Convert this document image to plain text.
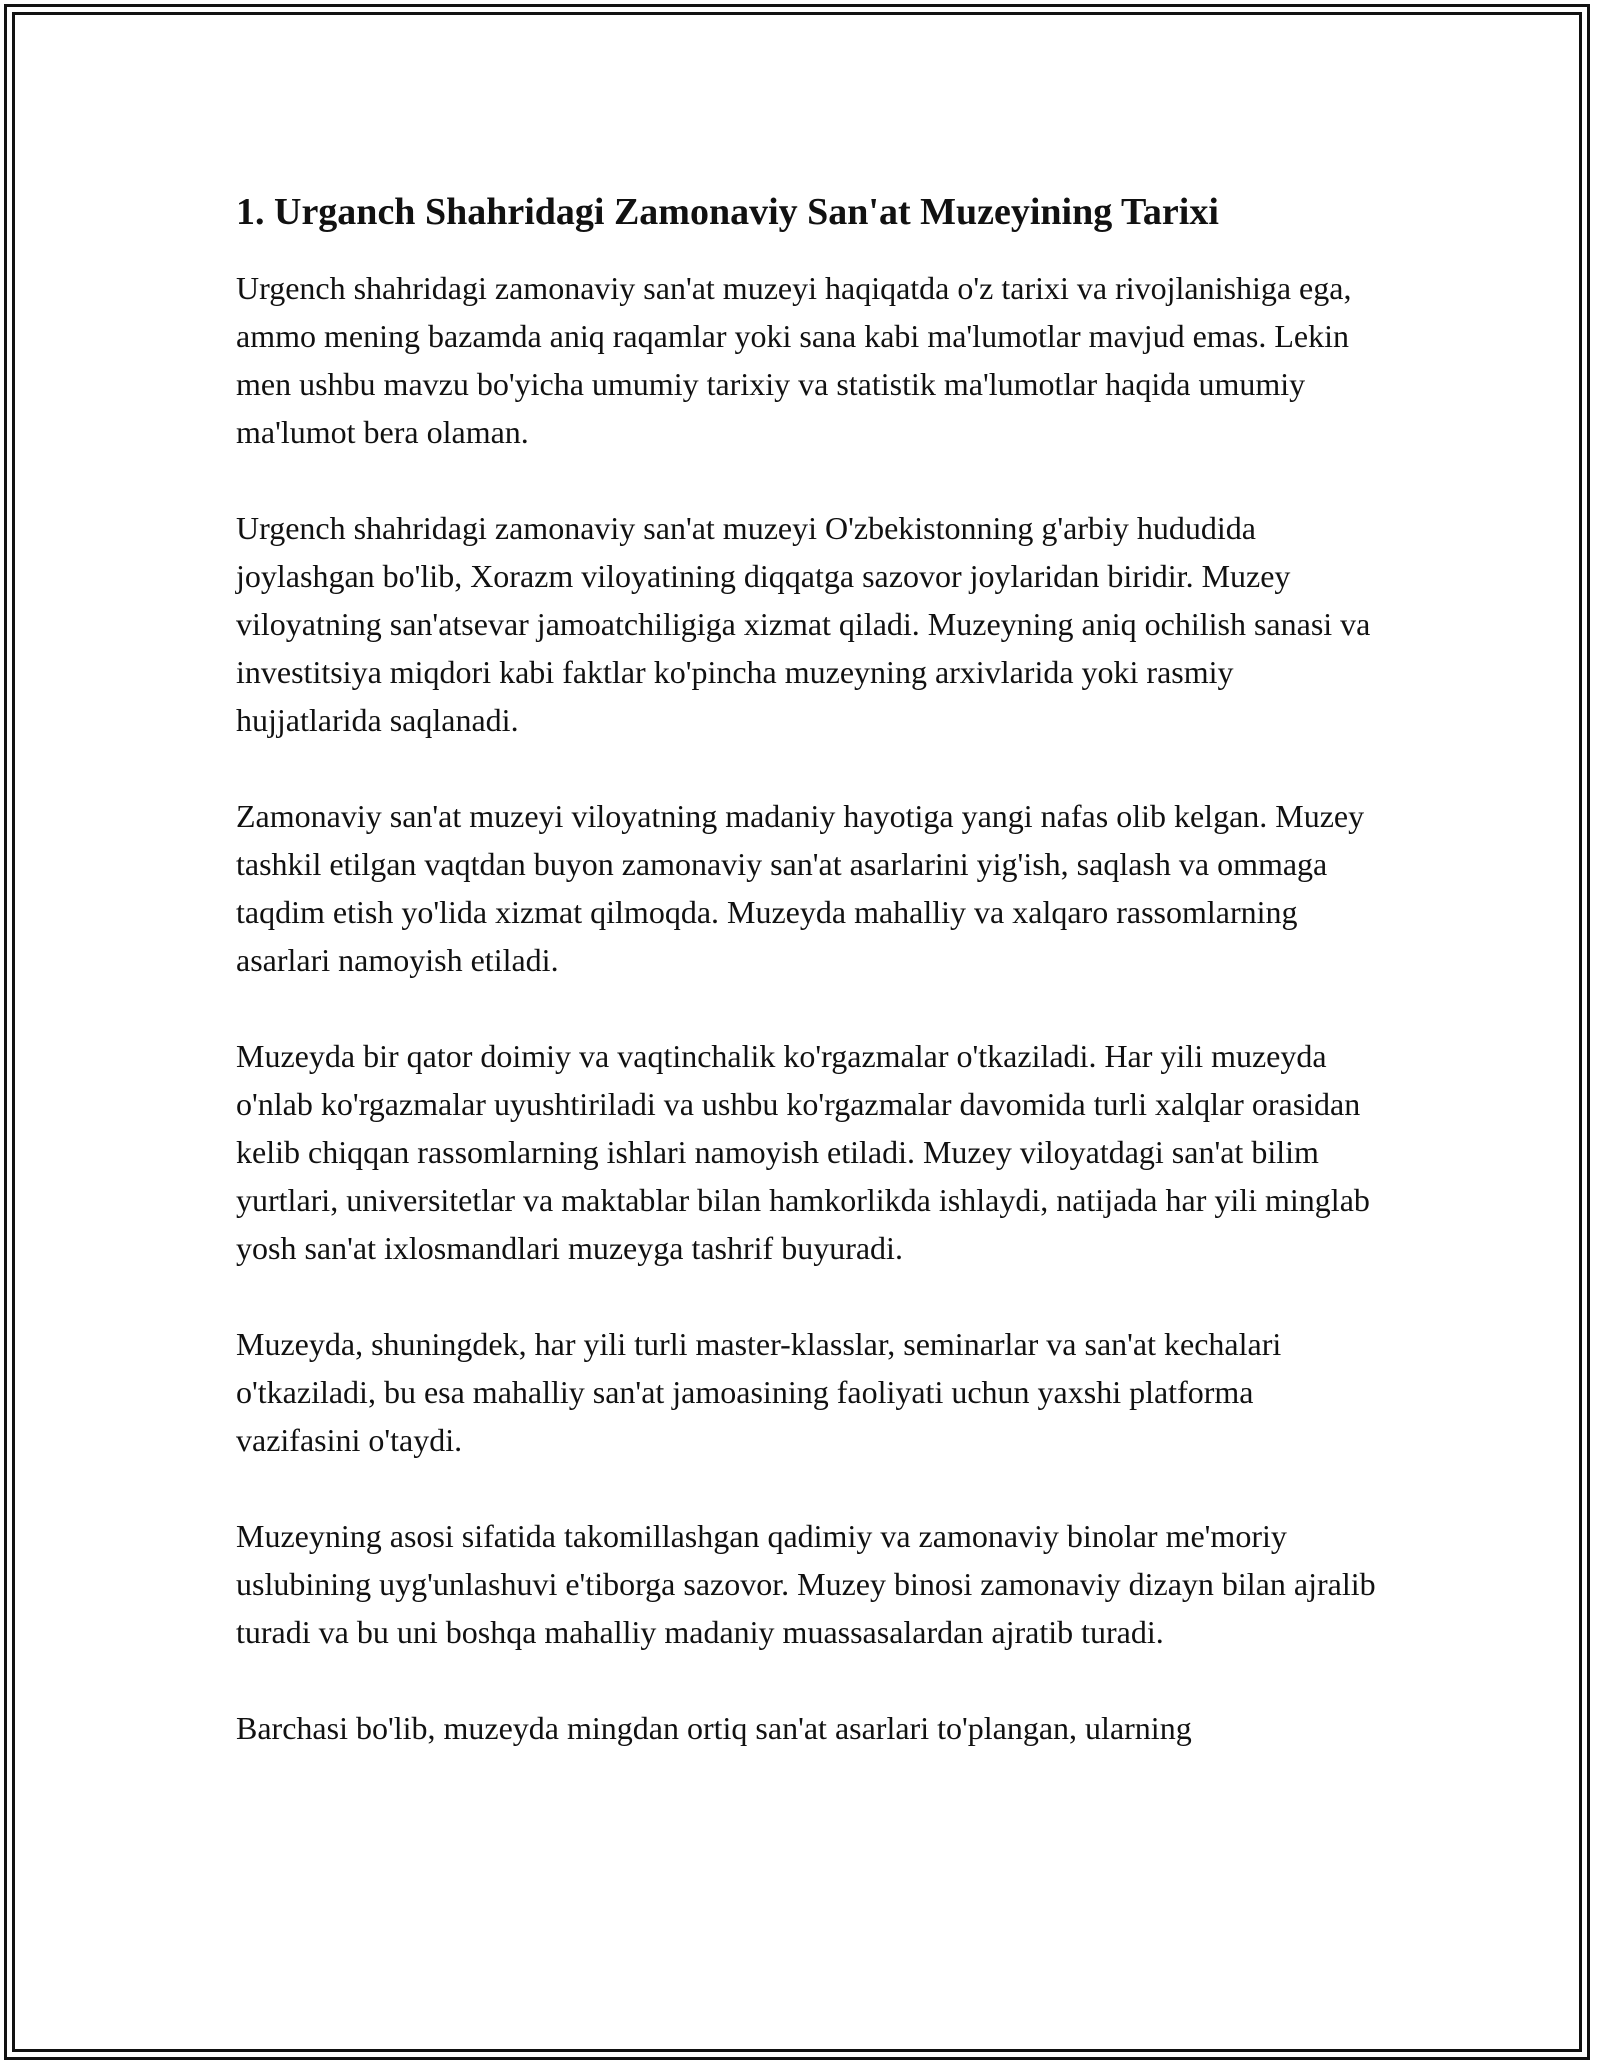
1. Urganch Shahridagi Zamonaviy San'at Muzeyining Tarixi

Urgench shahridagi zamonaviy san'at muzeyi haqiqatda o'z tarixi va rivojlanishiga ega, ammo mening bazamda aniq raqamlar yoki sana kabi ma'lumotlar mavjud emas. Lekin men ushbu mavzu bo'yicha umumiy tarixiy va statistik ma'lumotlar haqida umumiy ma'lumot bera olaman.

Urgench shahridagi zamonaviy san'at muzeyi O'zbekistonning g'arbiy hududida joylashgan bo'lib, Xorazm viloyatining diqqatga sazovor joylaridan biridir. Muzey viloyatning san'atsevar jamoatchiligiga xizmat qiladi. Muzeyning aniq ochilish sanasi va investitsiya miqdori kabi faktlar ko'pincha muzeyning arxivlarida yoki rasmiy hujjatlarida saqlanadi.

Zamonaviy san'at muzeyi viloyatning madaniy hayotiga yangi nafas olib kelgan. Muzey tashkil etilgan vaqtdan buyon zamonaviy san'at asarlarini yig'ish, saqlash va ommaga taqdim etish yo'lida xizmat qilmoqda. Muzeyda mahalliy va xalqaro rassomlarning asarlari namoyish etiladi.

Muzeyda bir qator doimiy va vaqtinchalik ko'rgazmalar o'tkaziladi. Har yili muzeyda o'nlab ko'rgazmalar uyushtiriladi va ushbu ko'rgazmalar davomida turli xalqlar orasidan kelib chiqqan rassomlarning ishlari namoyish etiladi. Muzey viloyatdagi san'at bilim yurtlari, universitetlar va maktablar bilan hamkorlikda ishlaydi, natijada har yili minglab yosh san'at ixlosmandlari muzeyga tashrif buyuradi.

Muzeyda, shuningdek, har yili turli master-klasslar, seminarlar va san'at kechalari o'tkaziladi, bu esa mahalliy san'at jamoasining faoliyati uchun yaxshi platforma vazifasini o'taydi.

Muzeyning asosi sifatida takomillashgan qadimiy va zamonaviy binolar me'moriy uslubining uyg'unlashuvi e'tiborga sazovor. Muzey binosi zamonaviy dizayn bilan ajralib turadi va bu uni boshqa mahalliy madaniy muassasalardan ajratib turadi.

Barchasi bo'lib, muzeyda mingdan ortiq san'at asarlari to'plangan, ularning
